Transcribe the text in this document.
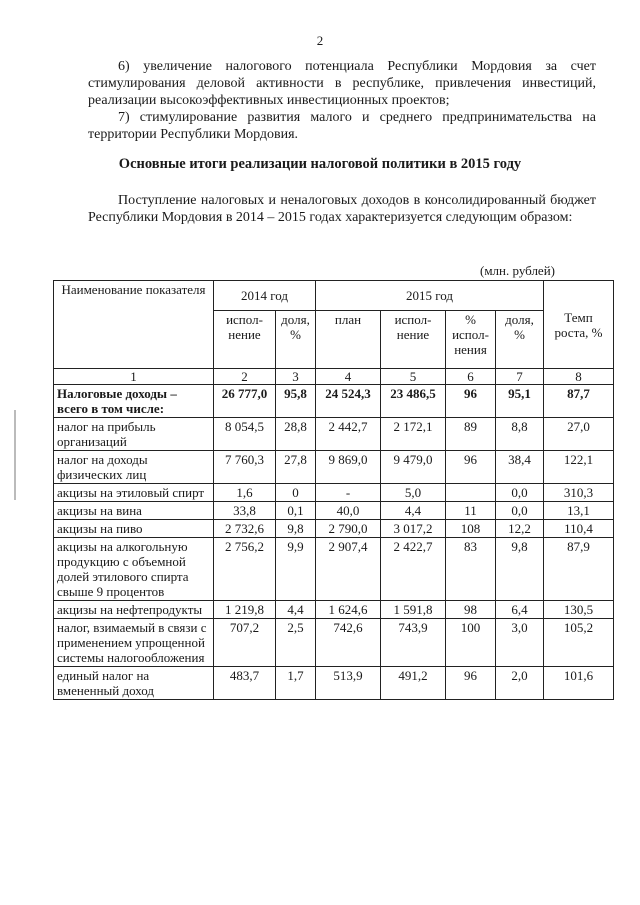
2
6) увеличение налогового потенциала Республики Мордовия за счет стимулирования деловой активности в республике, привлечения инвестиций, реализации высокоэффективных инвестиционных проектов;
7) стимулирование развития малого и среднего предпринимательства на территории Республики Мордовия.
Основные итоги реализации налоговой политики в 2015 году
Поступление налоговых и неналоговых доходов в консолидированный бюджет Республики Мордовия в 2014 – 2015 годах характеризуется следующим образом:
(млн. рублей)
Наименование показателя	2014 год		2015 год				Темп роста, %
	испол-нение	доля, %	план	испол-нение	% испол-нения	доля, %	
1	2	3	4	5	6	7	8
Налоговые доходы – всего в том числе:	26 777,0	95,8	24 524,3	23 486,5	96	95,1	87,7
налог на прибыль организаций	8 054,5	28,8	2 442,7	2 172,1	89	8,8	27,0
налог на доходы физических лиц	7 760,3	27,8	9 869,0	9 479,0	96	38,4	122,1
акцизы на этиловый спирт	1,6	0	-	5,0		0,0	310,3
акцизы на вина	33,8	0,1	40,0	4,4	11	0,0	13,1
акцизы на пиво	2 732,6	9,8	2 790,0	3 017,2	108	12,2	110,4
акцизы на алкогольную продукцию с объемной долей этилового спирта свыше 9 процентов	2 756,2	9,9	2 907,4	2 422,7	83	9,8	87,9
акцизы на нефтепродукты	1 219,8	4,4	1 624,6	1 591,8	98	6,4	130,5
налог, взимаемый в связи с применением упрощенной системы налогообложения	707,2	2,5	742,6	743,9	100	3,0	105,2
единый налог на вмененный доход	483,7	1,7	513,9	491,2	96	2,0	101,6
